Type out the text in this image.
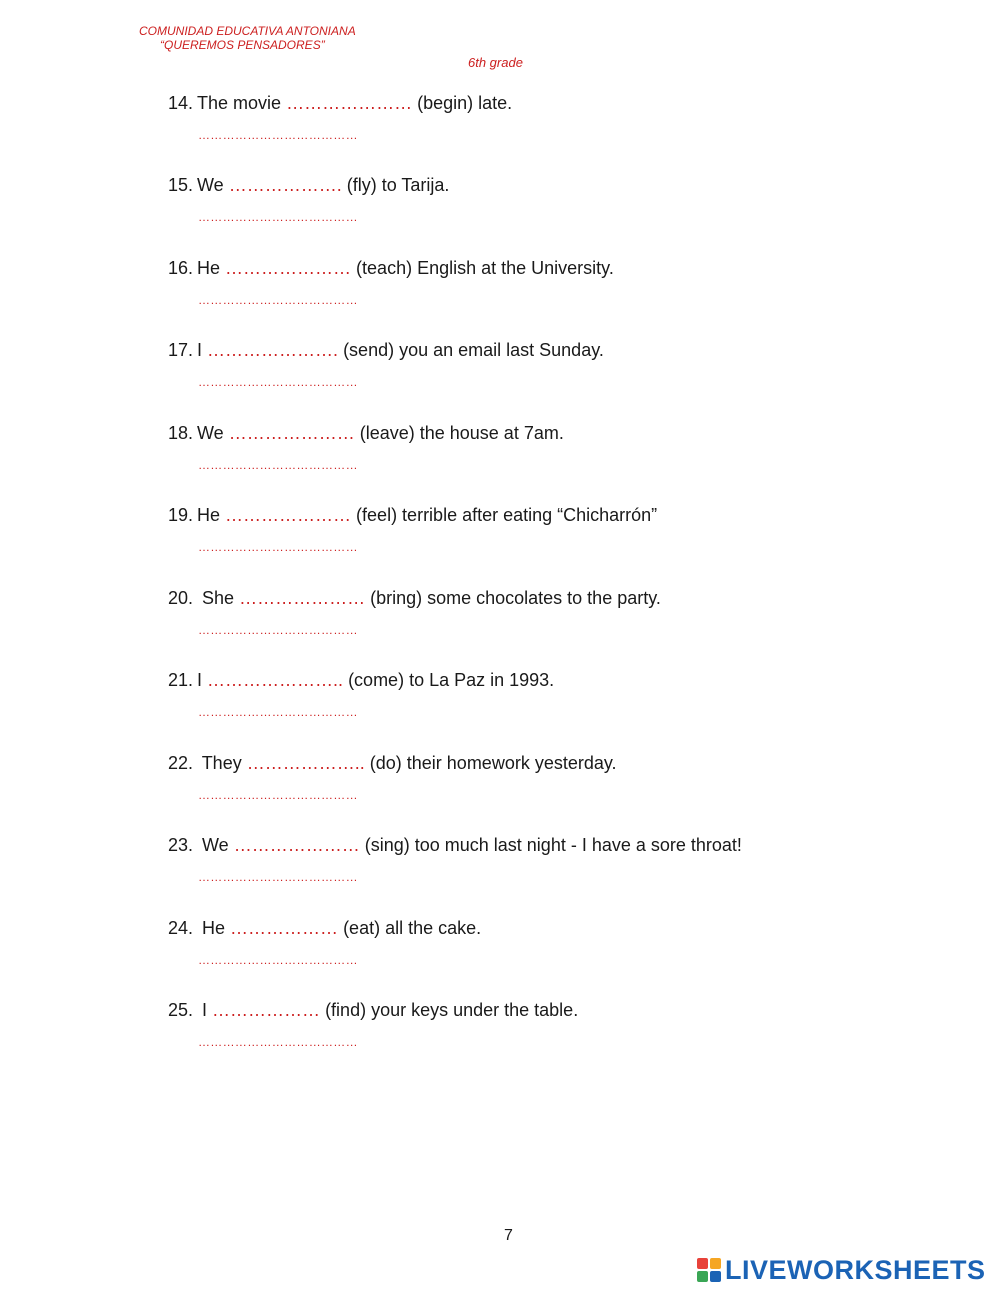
COMUNIDAD EDUCATIVA ANTONIANA
“QUEREMOS PENSADORES”
6th grade
14. The movie ………………… (begin) late.
…………………………………
15. We ………………. (fly) to Tarija.
…………………………………
16. He ………………… (teach) English at the University.
…………………………………
17. I …………………. (send) you an email last Sunday.
…………………………………
18. We ………………… (leave) the house at 7am.
…………………………………
19. He ………………… (feel) terrible after eating “Chicharrón”
…………………………………
20. She ………………… (bring) some chocolates to the party.
…………………………………
21. I ………………….. (come) to La Paz in 1993.
…………………………………
22. They ……………….. (do) their homework yesterday.
…………………………………
23. We ………………… (sing) too much last night - I have a sore throat!
…………………………………
24. He ……………… (eat) all the cake.
…………………………………
25. I ……………… (find) your keys under the table.
…………………………………
7
LIVEWORKSHEETS
